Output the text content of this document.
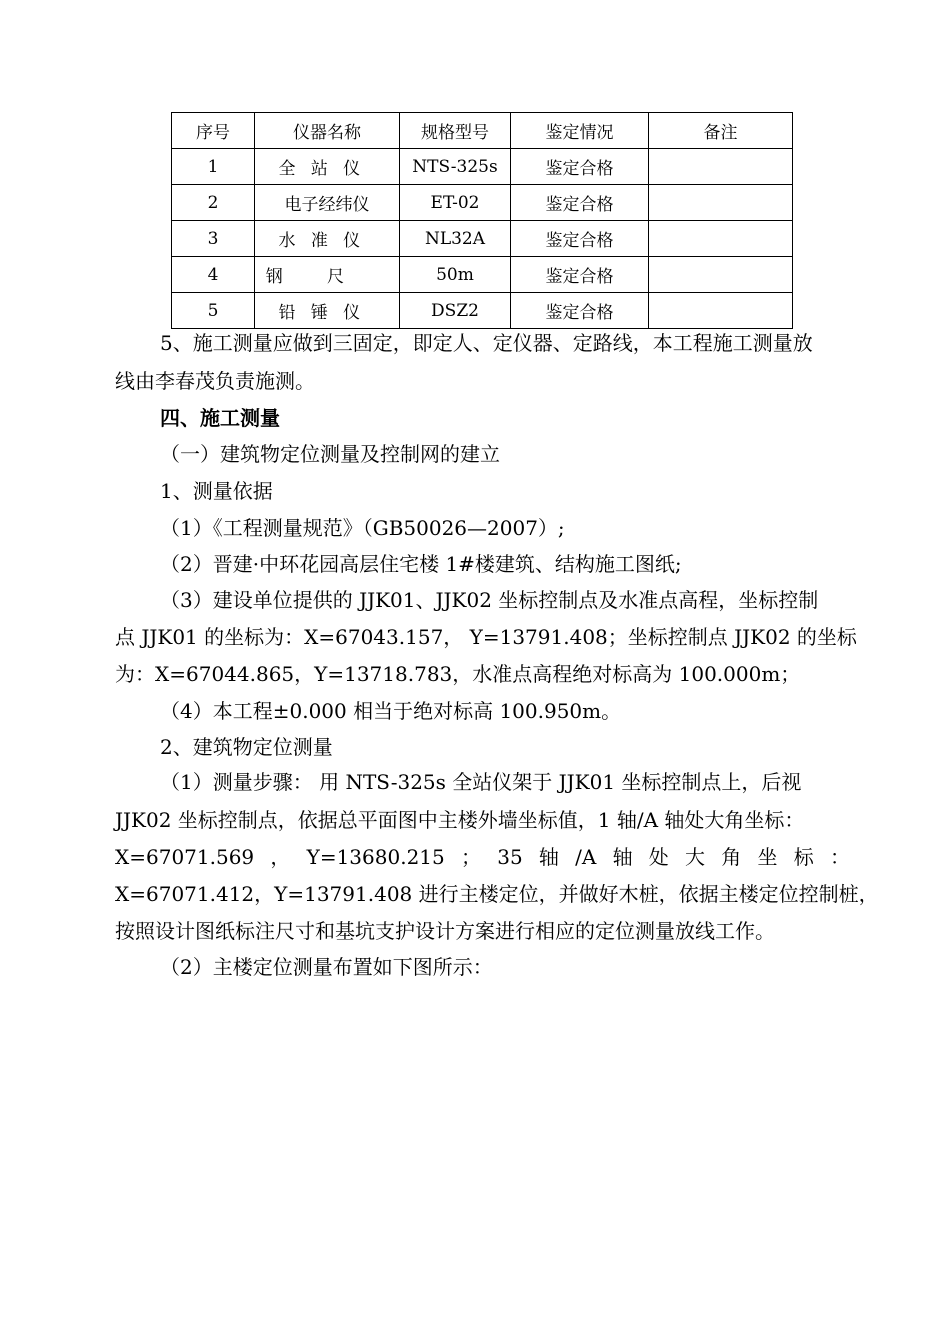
序号	仪器名称	规格型号	鉴定情况	备注
1	全站仪	NTS-325s	鉴定合格	
2	电子经纬仪	ET-02	鉴定合格	
3	水准仪	NL32A	鉴定合格	
4	钢尺	50m	鉴定合格	
5	铅锤仪	DSZ2	鉴定合格	
5、施工测量应做到三固定，即定人、定仪器、定路线，本工程施工测量放
线由李春茂负责施测。
四、施工测量
（一）建筑物定位测量及控制网的建立
1、测量依据
（1）《工程测量规范》（GB50026—2007）;
（2）晋建·中环花园高层住宅楼 1#楼建筑、结构施工图纸;
（3）建设单位提供的 JJK01、JJK02 坐标控制点及水准点高程，坐标控制
点 JJK01 的坐标为：X=67043.157， Y=13791.408；坐标控制点 JJK02 的坐标
为：X=67044.865，Y=13718.783，水准点高程绝对标高为 100.000m；
（4）本工程±0.000 相当于绝对标高 100.950m。
2、建筑物定位测量
（1）测量步骤： 用 NTS-325s 全站仪架于 JJK01 坐标控制点上，后视
JJK02 坐标控制点，依据总平面图中主楼外墙坐标值，1 轴/A 轴处大角坐标：
X=67071.569 ， Y=13680.215 ； 35 轴 /A 轴 处 大 角 坐 标 ：
X=67071.412，Y=13791.408 进行主楼定位，并做好木桩，依据主楼定位控制桩，
按照设计图纸标注尺寸和基坑支护设计方案进行相应的定位测量放线工作。
（2）主楼定位测量布置如下图所示：
